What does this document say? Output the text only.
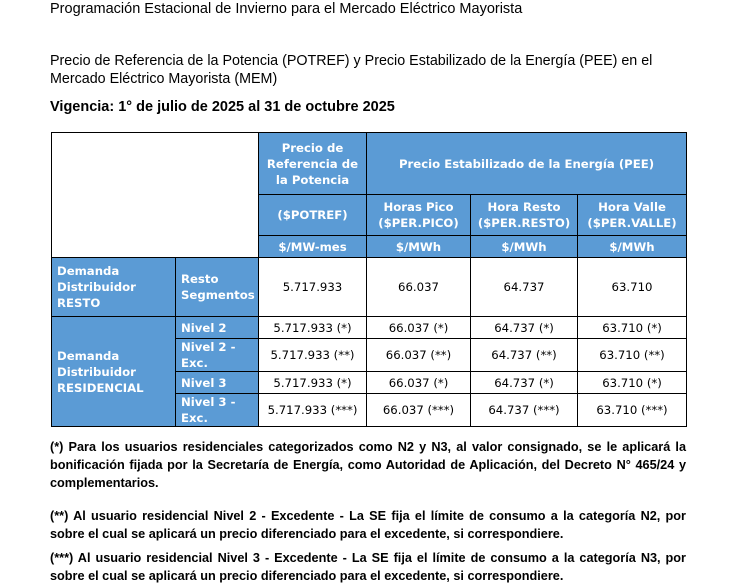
Programación Estacional de Invierno para el Mercado Eléctrico Mayorista
Precio de Referencia de la Potencia (POTREF) y Precio Estabilizado de la Energía (PEE) en el Mercado Eléctrico Mayorista (MEM)
Vigencia: 1° de julio de 2025 al 31 de octubre 2025
		Precio de Referencia de la Potencia	Precio Estabilizado de la Energía (PEE)		
		($POTREF)	Horas Pico ($PER.PICO)	Hora Resto ($PER.RESTO)	Hora Valle ($PER.VALLE)
		$/MW-mes	$/MWh	$/MWh	$/MWh
Demanda Distribuidor RESTO	Resto Segmentos	5.717.933	66.037	64.737	63.710
Demanda Distribuidor RESIDENCIAL	Nivel 2	5.717.933 (*)	66.037 (*)	64.737 (*)	63.710 (*)
	Nivel 2 - Exc.	5.717.933 (**)	66.037 (**)	64.737 (**)	63.710 (**)
	Nivel 3	5.717.933 (*)	66.037 (*)	64.737 (*)	63.710 (*)
	Nivel 3 - Exc.	5.717.933 (***)	66.037 (***)	64.737 (***)	63.710 (***)
(*) Para los usuarios residenciales categorizados como N2 y N3, al valor consignado, se le aplicará la bonificación fijada por la Secretaría de Energía, como Autoridad de Aplicación, del Decreto N° 465/24 y complementarios.
(**) Al usuario residencial Nivel 2 - Excedente - La SE fija el límite de consumo a la categoría N2, por sobre el cual se aplicará un precio diferenciado para el excedente, si correspondiere.
(***) Al usuario residencial Nivel 3 - Excedente - La SE fija el límite de consumo a la categoría N3, por sobre el cual se aplicará un precio diferenciado para el excedente, si correspondiere.
